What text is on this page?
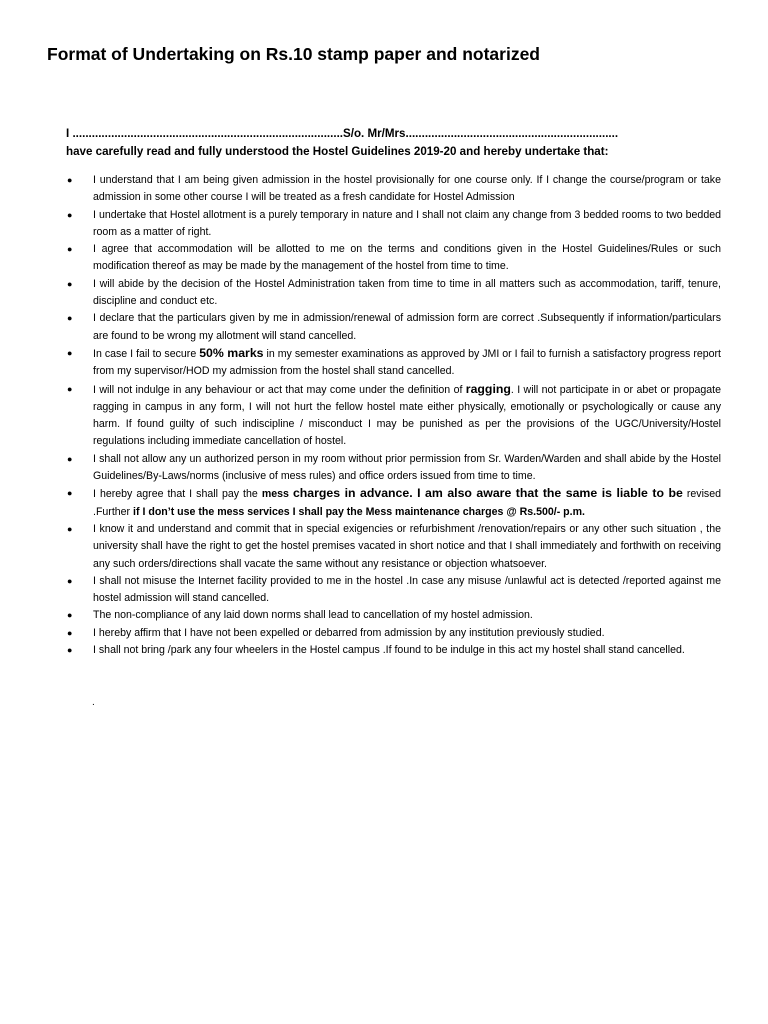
Format of Undertaking on Rs.10 stamp paper and notarized
I ....................................................................................S/o. Mr/Mrs..................................................................
have carefully read and fully understood the Hostel Guidelines 2019-20 and hereby undertake that:
● I understand that I am being given admission in the hostel provisionally for one course only. If I change the course/program or take admission in some other course I will be treated as a fresh candidate for Hostel Admission
● I undertake that Hostel allotment is a purely temporary in nature and I shall not claim any change from 3 bedded rooms to two bedded room as a matter of right.
● I agree that accommodation will be allotted to me on the terms and conditions given in the Hostel Guidelines/Rules or such modification thereof as may be made by the management of the hostel from time to time.
● I will abide by the decision of the Hostel Administration taken from time to time in all matters such as accommodation, tariff, tenure, discipline and conduct etc.
● I declare that the particulars given by me in admission/renewal of admission form are correct .Subsequently if information/particulars are found to be wrong my allotment will stand cancelled.
● In case I fail to secure 50% marks in my semester examinations as approved by JMI or I fail to furnish a satisfactory progress report from my supervisor/HOD my admission from the hostel shall stand cancelled.
● I will not indulge in any behaviour or act that may come under the definition of ragging. I will not participate in or abet or propagate ragging in campus in any form, I will not hurt the fellow hostel mate either physically, emotionally or psychologically or cause any harm. If found guilty of such indiscipline / misconduct I may be punished as per the provisions of the UGC/University/Hostel regulations including immediate cancellation of hostel.
● I shall not allow any un authorized person in my room without prior permission from Sr. Warden/Warden and shall abide by the Hostel Guidelines/By-Laws/norms (inclusive of mess rules) and office orders issued from time to time.
● I hereby agree that I shall pay the mess charges in advance. I am also aware that the same is liable to be revised .Further if I don’t use the mess services I shall pay the Mess maintenance charges @ Rs.500/- p.m.
● I know it and understand and commit that in special exigencies or refurbishment /renovation/repairs or any other such situation , the university shall have the right to get the hostel premises vacated in short notice and that I shall immediately and forthwith on receiving any such orders/directions shall vacate the same without any resistance or objection whatsoever.
● I shall not misuse the Internet facility provided to me in the hostel .In case any misuse /unlawful act is detected /reported against me hostel admission will stand cancelled.
● The non-compliance of any laid down norms shall lead to cancellation of my hostel admission.
● I hereby affirm that I have not been expelled or debarred from admission by any institution previously studied.
● I shall not bring /park any four wheelers in the Hostel campus .If found to be indulge in this act my hostel shall stand cancelled.
.
